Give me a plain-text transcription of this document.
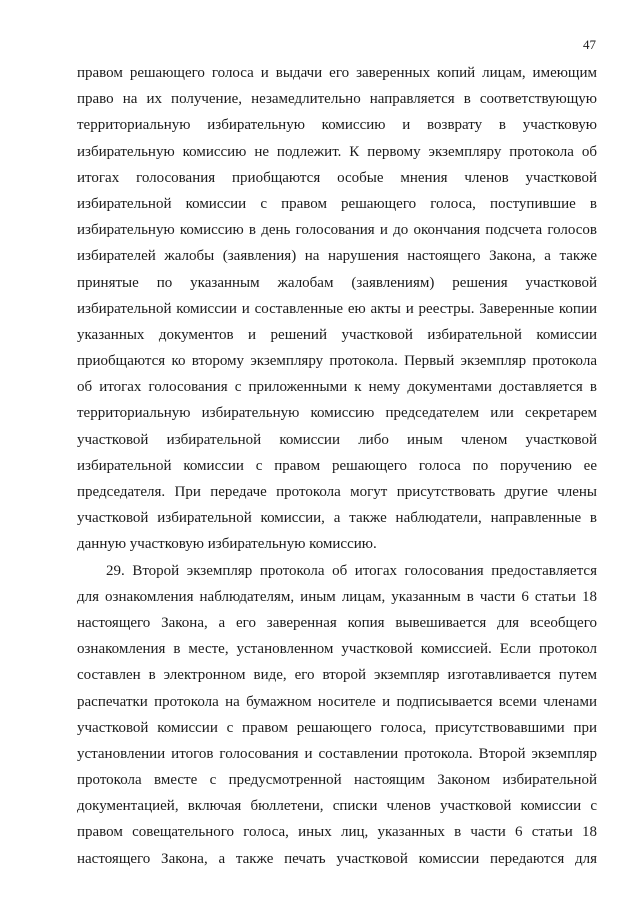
47

правом решающего голоса и выдачи его заверенных копий лицам, имеющим
право на их получение, незамедлительно направляется в соответствующую
территориальную избирательную комиссию и возврату в участковую
избирательную комиссию не подлежит. К первому экземпляру протокола об
итогах голосования приобщаются особые мнения членов участковой
избирательной комиссии с правом решающего голоса, поступившие в
избирательную комиссию в день голосования и до окончания подсчета голосов
избирателей жалобы (заявления) на нарушения настоящего Закона, а также
принятые по указанным жалобам (заявлениям) решения участковой
избирательной комиссии и составленные ею акты и реестры. Заверенные копии
указанных документов и решений участковой избирательной комиссии
приобщаются ко второму экземпляру протокола. Первый экземпляр протокола
об итогах голосования с приложенными к нему документами доставляется в
территориальную избирательную комиссию председателем или секретарем
участковой избирательной комиссии либо иным членом участковой
избирательной комиссии с правом решающего голоса по поручению ее
председателя. При передаче протокола могут присутствовать другие члены
участковой избирательной комиссии, а также наблюдатели, направленные в
данную участковую избирательную комиссию.
29. Второй экземпляр протокола об итогах голосования предоставляется
для ознакомления наблюдателям, иным лицам, указанным в части 6 статьи 18
настоящего Закона, а его заверенная копия вывешивается для всеобщего
ознакомления в месте, установленном участковой комиссией. Если протокол
составлен в электронном виде, его второй экземпляр изготавливается путем
распечатки протокола на бумажном носителе и подписывается всеми членами
участковой комиссии с правом решающего голоса, присутствовавшими при
установлении итогов голосования и составлении протокола. Второй экземпляр
протокола вместе с предусмотренной настоящим Законом избирательной
документацией, включая бюллетени, списки членов участковой комиссии с
правом совещательного голоса, иных лиц, указанных в части 6 статьи 18
настоящего Закона, а также печать участковой комиссии передаются для
